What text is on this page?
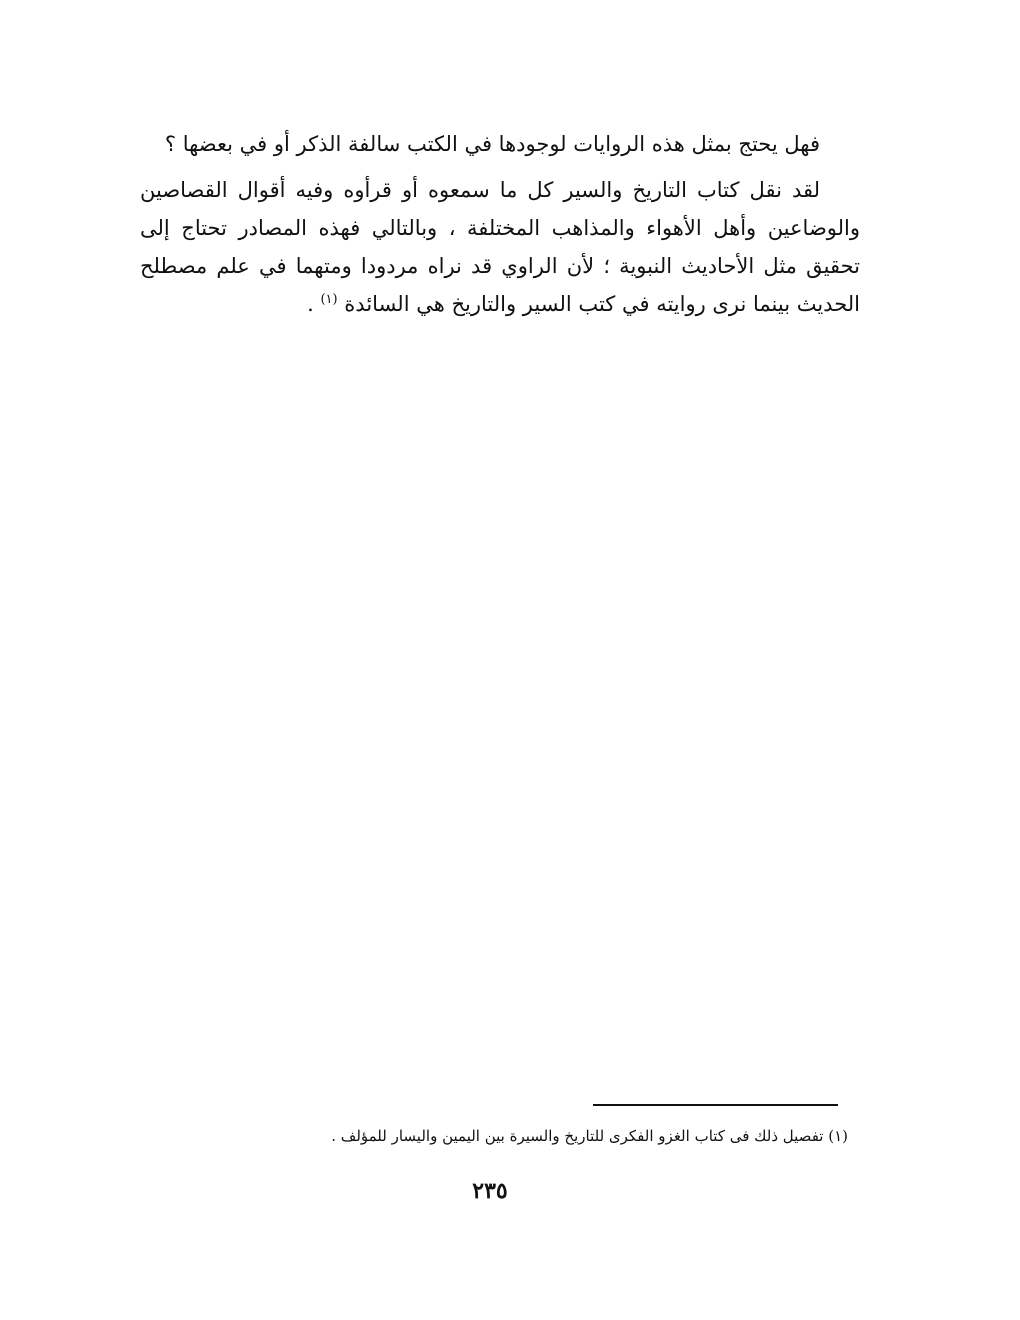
فهل يحتج بمثل هذه الروايات لوجودها في الكتب سالفة الذكر أو في بعضها ؟

لقد نقل كتاب التاريخ والسير كل ما سمعوه أو قرأوه وفيه أقوال القصاصين والوضاعين وأهل الأهواء والمذاهب المختلفة ، وبالتالي فهذه المصادر تحتاج إلى تحقيق مثل الأحاديث النبوية ؛ لأن الراوي قد نراه مردودا ومتهما في علم مصطلح الحديث بينما نرى روايته في كتب السير والتاريخ هي السائدة $^{(١)}$ .

(١) تفصيل ذلك فى كتاب الغزو الفكرى للتاريخ والسيرة بين اليمين واليسار للمؤلف .

٢٣٥
